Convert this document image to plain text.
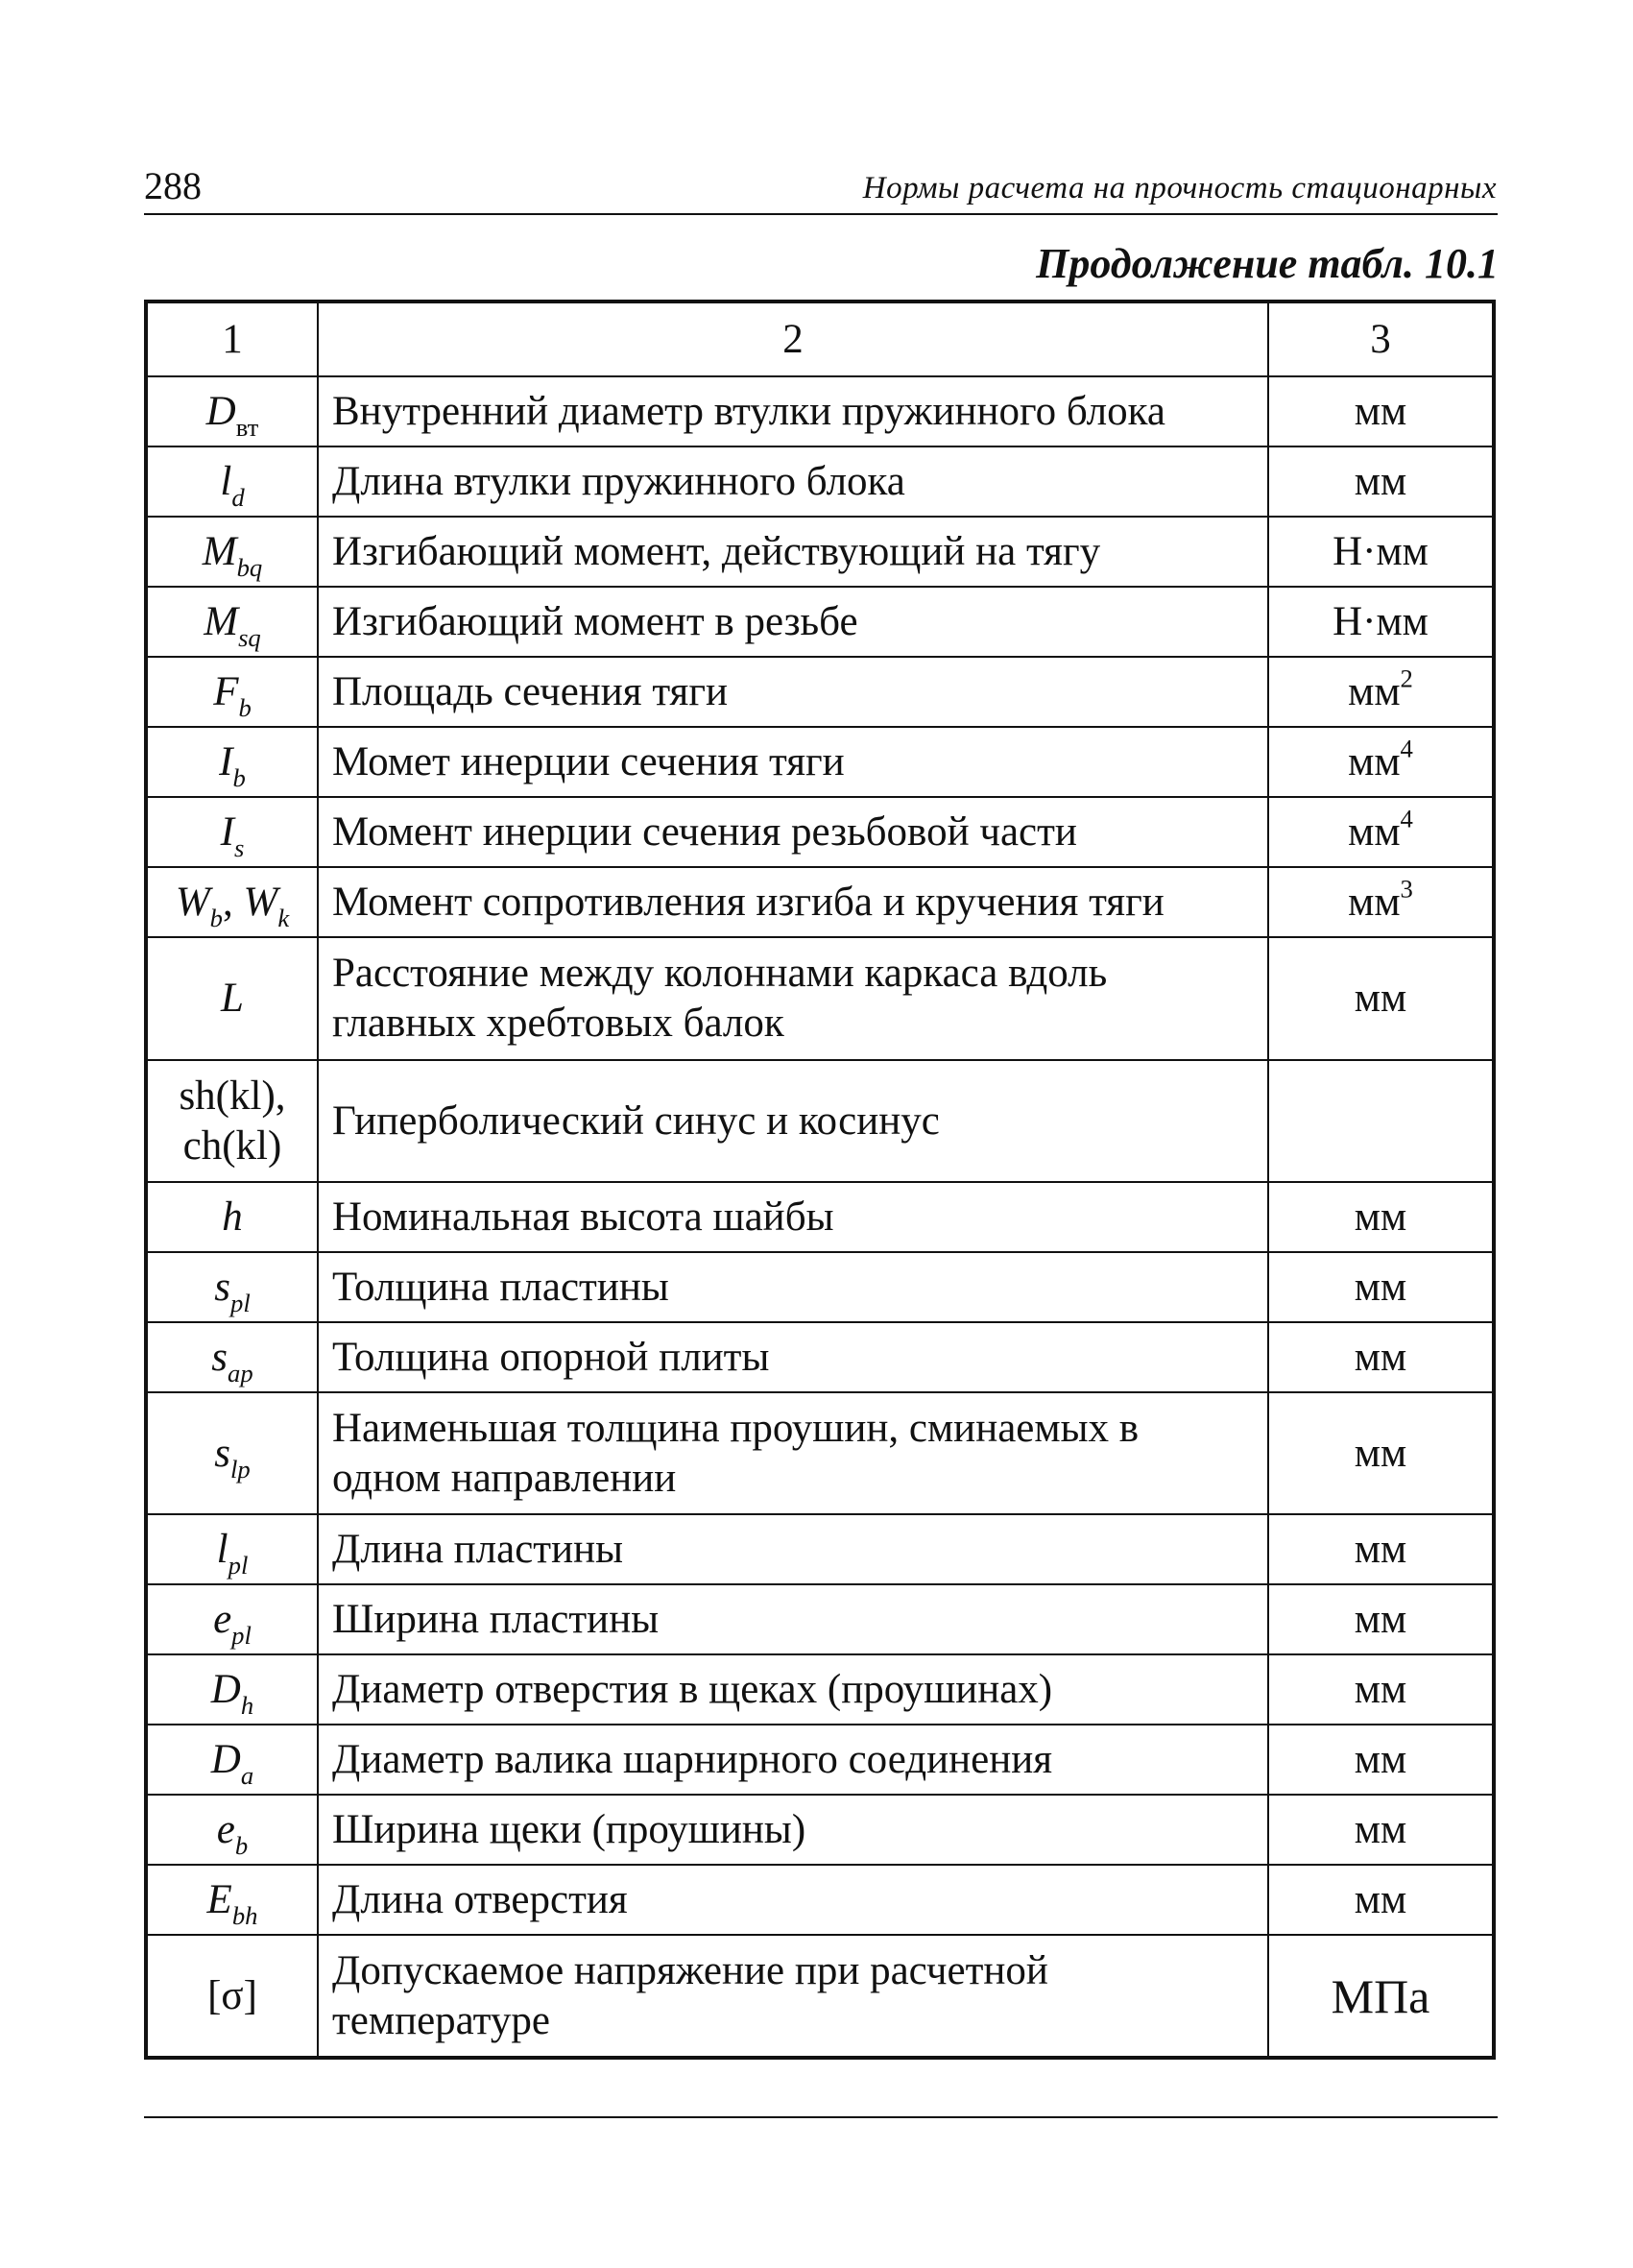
288	Нормы расчета на прочность стационарных
Продолжение табл. 10.1
1	2	3
$D_{вт}$	Внутренний диаметр втулки пружинного блока	мм
$l_d$	Длина втулки пружинного блока	мм
$M_{bq}$	Изгибающий момент, действующий на тягу	Н·мм
$M_{sq}$	Изгибающий момент в резьбе	Н·мм
$F_b$	Площадь сечения тяги	$мм^2$
$I_b$	Момет инерции сечения тяги	$мм^4$
$I_s$	Момент инерции сечения резьбовой части	$мм^4$
$W_b$, $W_k$	Момент сопротивления изгиба и кручения тяги	$мм^3$
L	Расстояние между колоннами каркаса вдоль главных хребтовых балок	мм

sh(kl),
ch(kl)	Гиперболический синус и косинус	
h	Номинальная высота шайбы	мм
$s_{pl}$	Толщина пластины	мм
$s_{ap}$	Толщина опорной плиты	мм
$s_{lp}$	Наименьшая толщина проушин, сминаемых в одном направлении	мм
$l_{pl}$	Длина пластины	мм
$e_{pl}$	Ширина пластины	мм
$D_h$	Диаметр отверстия в щеках (проушинах)	мм
$D_a$	Диаметр валика шарнирного соединения	мм
$e_b$	Ширина щеки (проушины)	мм
$E_{bh}$	Длина отверстия	мм
[σ]	Допускаемое напряжение при расчетной температуре	МПа
